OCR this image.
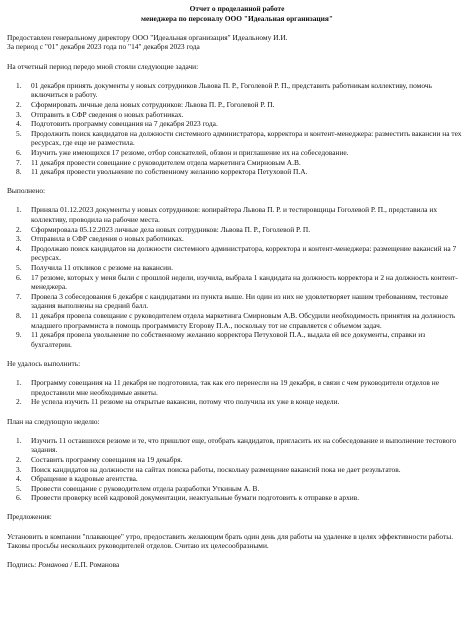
Отчет о проделанной работе
менеджера по персоналу ООО "Идеальная организация"
Предоставлен генеральному директору ООО "Идеальная организация" Идеальному И.И.
За период с "01" декабря 2023 года по "14" декабря 2023 года
На отчетный период передо мной стояли следующие задачи:
1. 01 декабря принять документы у новых сотрудников Львова П. Р., Гоголевой Р. П., представить работникам коллективу, помочь включиться в работу.
2. Сформировать личные дела новых сотрудников: Львова П. Р., Гоголевой Р. П.
3. Отправить в СФР сведения о новых работниках.
4. Подготовить программу совещания на 7 декабря 2023 года.
5. Продолжить поиск кандидатов на должности системного администратора, корректора и контент-менеджера: разместить вакансии на тех ресурсах, где еще не разместила.
6. Изучить уже имеющихся 17 резюме, отбор соискателей, обзвон и приглашение их на собеседование.
7. 11 декабря провести совещание с руководителем отдела маркетинга Смирновым А.В.
8. 11 декабря провести увольнение по собственному желанию корректора Петуховой П.А.
Выполнено:
1. Приняла 01.12.2023 документы у новых сотрудников: копирайтера Львова П. Р. и тестировщицы Гоголевой Р. П., представила их коллективу, проводила на рабочие места.
2. Сформировала 05.12.2023 личные дела новых сотрудников: Львова П. Р., Гоголевой Р. П.
3. Отправила в СФР сведения о новых работниках.
4. Продолжаю поиск кандидатов на должности системного администратора, корректора и контент-менеджера: размещение вакансий на 7 ресурсах.
5. Получила 11 откликов с резюме на вакансии.
6. 17 резюме, которых у меня были с прошлой недели, изучила, выбрала 1 кандидата на должность корректора и 2 на должность контент-менеджера.
7. Провела 3 собеседования 6 декабря с кандидатами из пункта выше. Ни один из них не удовлетворяет нашим требованиям, тестовые задания выполнены на средний балл.
8. 11 декабря провела совещание с руководителем отдела маркетинга Смирновым А.В. Обсудили необходимость принятия на должность младшего программиста в помощь программисту Егорову П.А., поскольку тот не справляется с объемом задач.
9. 11 декабря провела увольнение по собственному желанию корректора Петуховой П.А., выдала ей все документы, справки из бухгалтерии.
Не удалось выполнить:
1. Программу совещания на 11 декабря не подготовила, так как его перенесли на 19 декабря, в связи с чем руководители отделов не предоставили мне необходимые анкеты.
2. Не успела изучить 11 резюме на открытые вакансии, потому что получила их уже в конце недели.
План на следующую неделю:
1. Изучить 11 оставшихся резюме и те, что пришлют еще, отобрать кандидатов, пригласить их на собеседование и выполнение тестового задания.
2. Составить программу совещания на 19 декабря.
3. Поиск кандидатов на должности на сайтах поиска работы, поскольку размещение вакансий пока не дает результатов.
4. Обращение в кадровые агентства.
5. Провести совещание с руководителем отдела разработки Уткиным А. В.
6. Провести проверку всей кадровой документации, неактуальные бумаги подготовить к отправке в архив.
Предложения:
Установить в компании "плавающее" утро, предоставить желающим брать один день для работы на удаленке в целях эффективности работы. Таковы просьбы нескольких руководителей отделов. Считаю их целесообразными.
Подпись: Романова / Е.П. Романова
